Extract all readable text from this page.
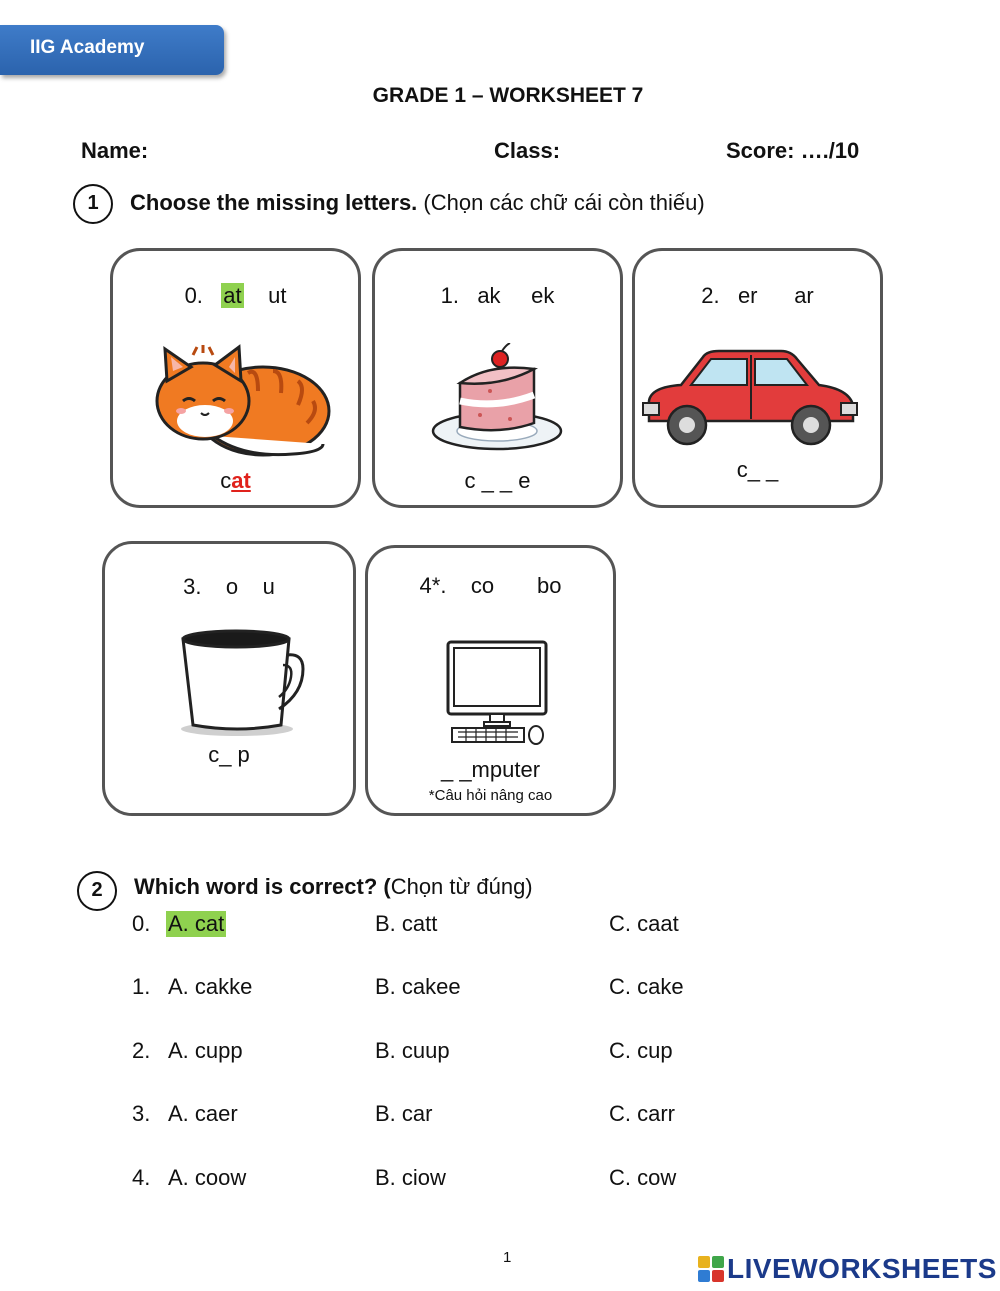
IIG Academy
GRADE 1 – WORKSHEET 7
Name:	Class:	Score: …./10
1	Choose the missing letters. (Chọn các chữ cái còn thiếu)
0. at ut
cat
1. ak ek
c _ _ e
2. er ar
c_ _
3. o u
c_ p
4*. co bo
_ _mputer
*Câu hỏi nâng cao
2	Which word is correct? (Chọn từ đúng)
0. A. cat	B. catt	C. caat
1. A. cakke	B. cakee	C. cake
2. A. cupp	B. cuup	C. cup
3. A. caer	B. car	C. carr
4. A. coow	B. ciow	C. cow
1	LIVEWORKSHEETS
